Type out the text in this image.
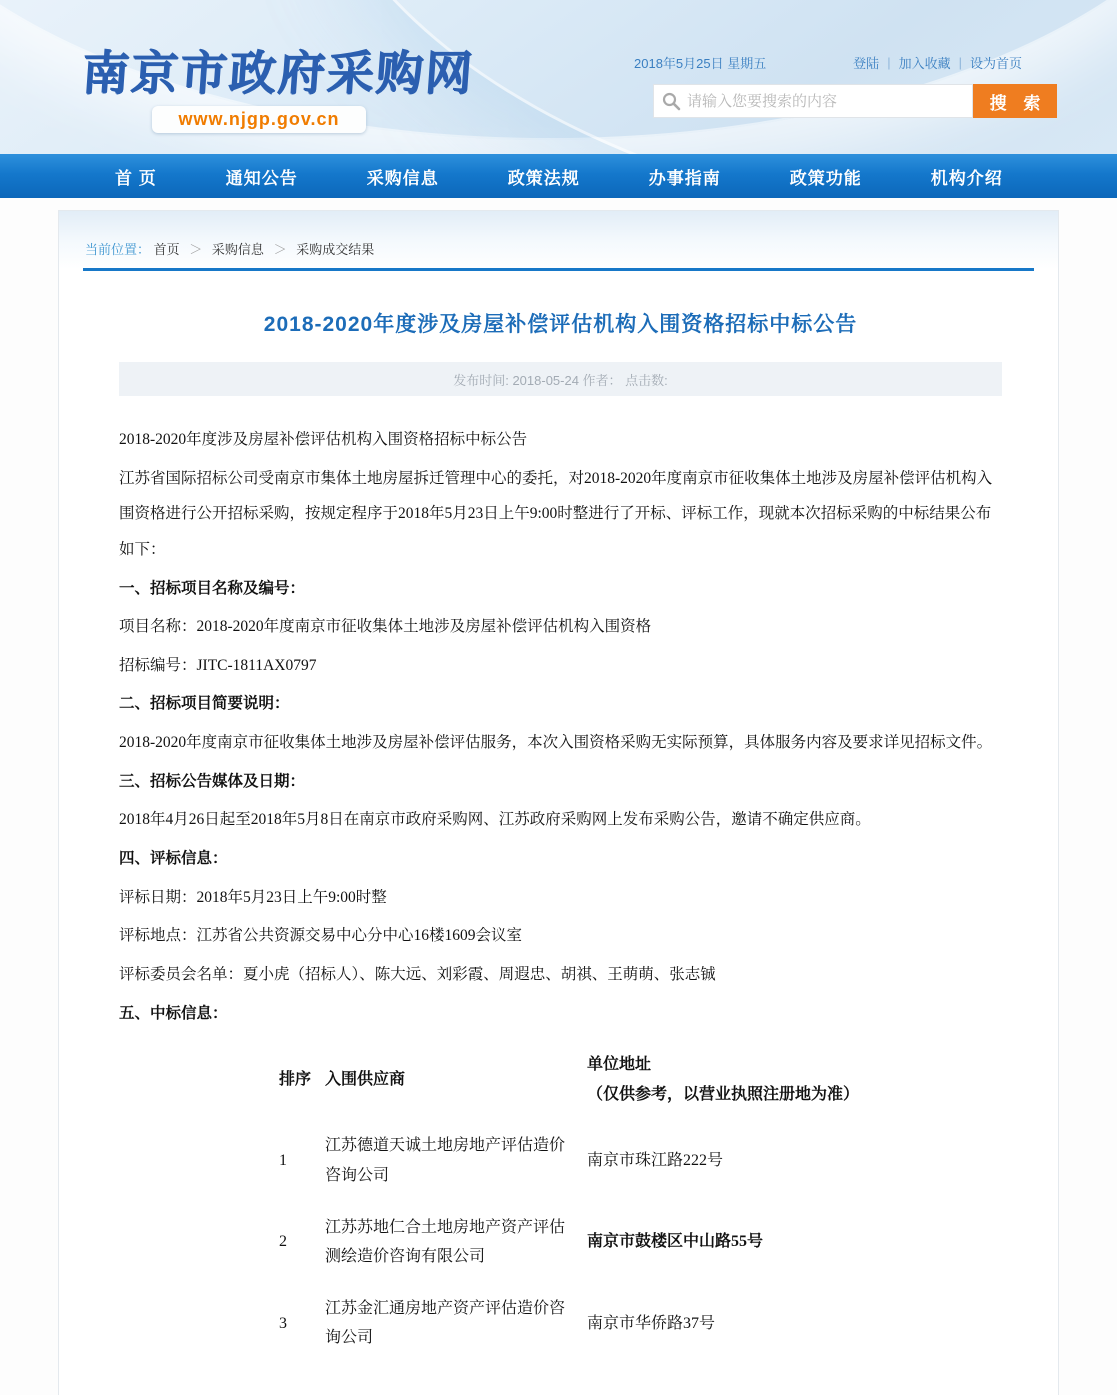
南京市政府采购网
www.njgp.gov.cn
2018年5月25日 星期五	登陆 | 加入收藏 | 设为首页
请输入您要搜索的内容
搜 索
首 页	通知公告	采购信息	政策法规	办事指南	政策功能	机构介绍
当前位置： 首页 ＞ 采购信息 ＞ 采购成交结果
2018-2020年度涉及房屋补偿评估机构入围资格招标中标公告
发布时间: 2018-05-24 作者： 点击数:

2018-2020年度涉及房屋补偿评估机构入围资格招标中标公告

江苏省国际招标公司受南京市集体土地房屋拆迁管理中心的委托，对2018-2020年度南京市征收集体土地涉及房屋补偿评估机构入围资格进行公开招标采购，按规定程序于2018年5月23日上午9:00时整进行了开标、评标工作，现就本次招标采购的中标结果公布如下：

一、招标项目名称及编号：

项目名称：2018-2020年度南京市征收集体土地涉及房屋补偿评估机构入围资格

招标编号：JITC-1811AX0797

二、招标项目简要说明：

2018-2020年度南京市征收集体土地涉及房屋补偿评估服务，本次入围资格采购无实际预算，具体服务内容及要求详见招标文件。

三、招标公告媒体及日期：

2018年4月26日起至2018年5月8日在南京市政府采购网、江苏政府采购网上发布采购公告，邀请不确定供应商。

四、评标信息：

评标日期：2018年5月23日上午9:00时整

评标地点：江苏省公共资源交易中心分中心16楼1609会议室

评标委员会名单：夏小虎（招标人）、陈大远、刘彩霞、周遐忠、胡祺、王萌萌、张志铖

五、中标信息：

排序	入围供应商	
单位地址
（仅供参考，以营业执照注册地为准）

1	江苏德道天诚土地房地产评估造价咨询公司	南京市珠江路222号
2	江苏苏地仁合土地房地产资产评估测绘造价咨询有限公司	南京市鼓楼区中山路55号
3	江苏金汇通房地产资产评估造价咨询公司	南京市华侨路37号
